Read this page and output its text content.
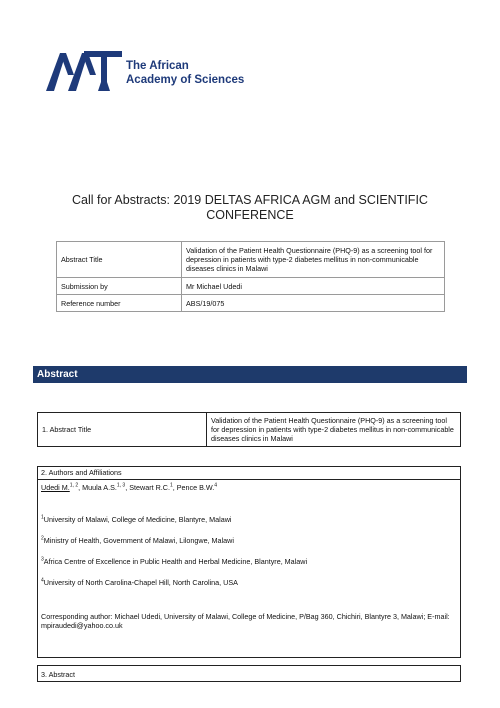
The African
Academy of Sciences
Call for Abstracts: 2019 DELTAS AFRICA AGM and SCIENTIFIC
CONFERENCE
Abstract Title	Validation of the Patient Health Questionnaire (PHQ-9) as a screening tool for depression in patients with type-2 diabetes mellitus in non-communicable diseases clinics in Malawi
Submission by	Mr Michael Udedi
Reference number	ABS/19/075
Abstract
1. Abstract Title	Validation of the Patient Health Questionnaire (PHQ-9) as a screening tool for depression in patients with type-2 diabetes mellitus in non-communicable diseases clinics in Malawi
2. Authors and Affiliations
Udedi M.$^{1, 2}$, Muula A.S.$^{1, 3}$, Stewart R.C.$^1$, Pence B.W.$^4$

$^1$University of Malawi, College of Medicine, Blantyre, Malawi

$^2$Ministry of Health, Government of Malawi, Lilongwe, Malawi

$^3$Africa Centre of Excellence in Public Health and Herbal Medicine, Blantyre, Malawi

$^4$University of North Carolina-Chapel Hill, North Carolina, USA

Corresponding author: Michael Udedi, University of Malawi, College of Medicine, P/Bag 360, Chichiri, Blantyre 3, Malawi; E-mail: mpiraudedi@yahoo.co.uk

3. Abstract
